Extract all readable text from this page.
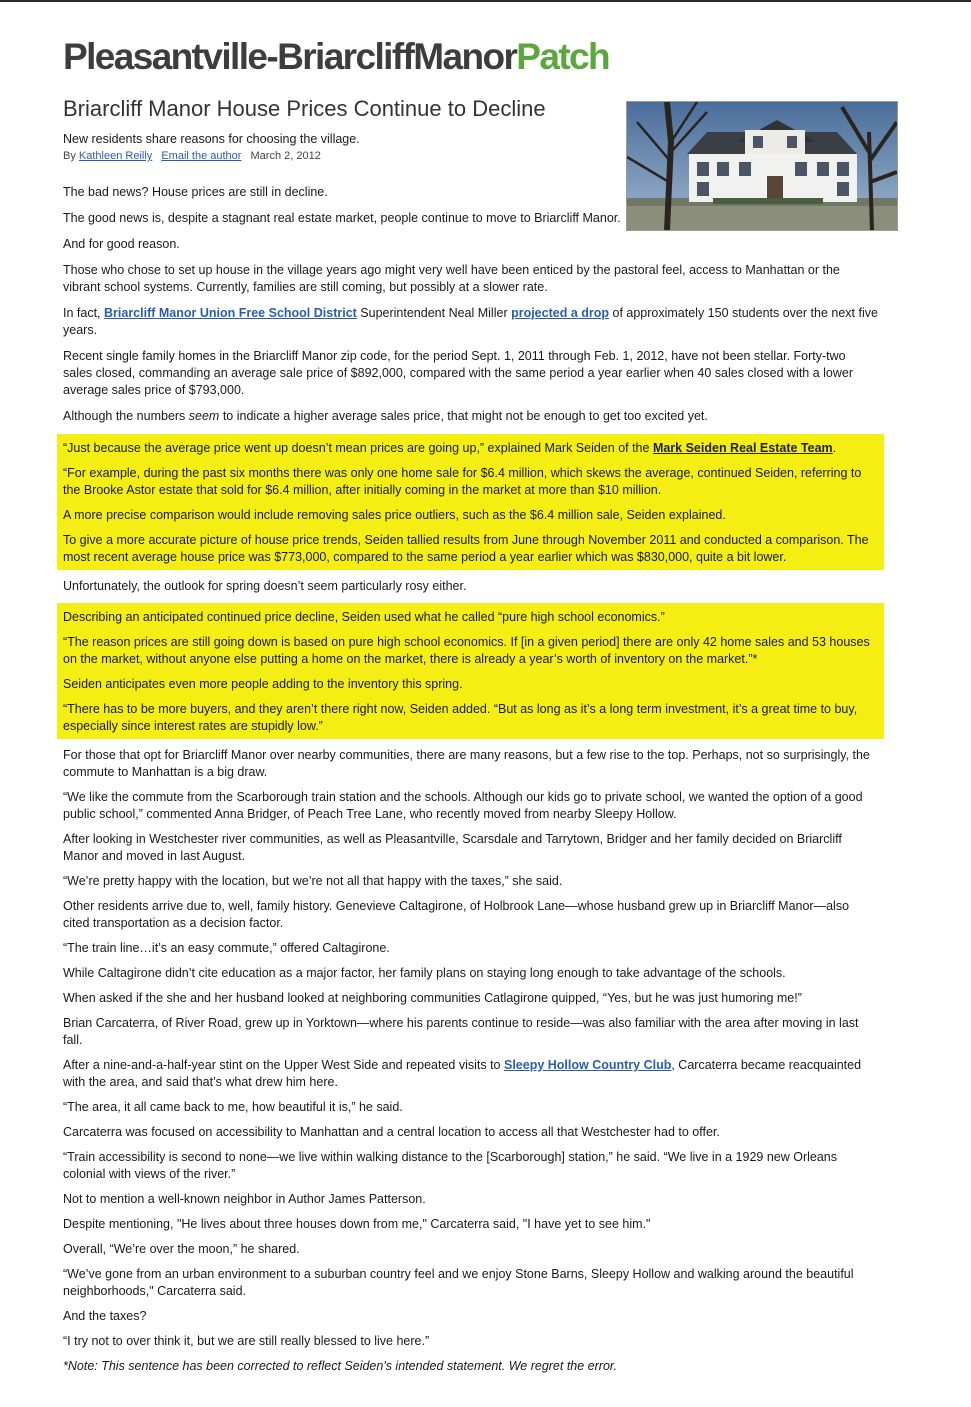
Pleasantville-BriarcliffManorPatch
Briarcliff Manor House Prices Continue to Decline
New residents share reasons for choosing the village.
By Kathleen Reilly Email the author March 2, 2012

The bad news? House prices are still in decline.

The good news is, despite a stagnant real estate market, people continue to move to Briarcliff Manor.

And for good reason.

Those who chose to set up house in the village years ago might very well have been enticed by the pastoral feel, access to Manhattan or the vibrant school systems. Currently, families are still coming, but possibly at a slower rate.

In fact, Briarcliff Manor Union Free School District Superintendent Neal Miller projected a drop of approximately 150 students over the next five years.

Recent single family homes in the Briarcliff Manor zip code, for the period Sept. 1, 2011 through Feb. 1, 2012, have not been stellar. Forty-two sales closed, commanding an average sale price of $892,000, compared with the same period a year earlier when 40 sales closed with a lower average sales price of $793,000.

Although the numbers seem to indicate a higher average sales price, that might not be enough to get too excited yet.

“Just because the average price went up doesn’t mean prices are going up,” explained Mark Seiden of the Mark Seiden Real Estate Team.

“For example, during the past six months there was only one home sale for $6.4 million, which skews the average, continued Seiden, referring to the Brooke Astor estate that sold for $6.4 million, after initially coming in the market at more than $10 million.

A more precise comparison would include removing sales price outliers, such as the $6.4 million sale, Seiden explained.

To give a more accurate picture of house price trends, Seiden tallied results from June through November 2011 and conducted a comparison. The most recent average house price was $773,000, compared to the same period a year earlier which was $830,000, quite a bit lower.

Unfortunately, the outlook for spring doesn’t seem particularly rosy either.

Describing an anticipated continued price decline, Seiden used what he called “pure high school economics.”

“The reason prices are still going down is based on pure high school economics. If [in a given period] there are only 42 home sales and 53 houses on the market, without anyone else putting a home on the market, there is already a year’s worth of inventory on the market.”*

Seiden anticipates even more people adding to the inventory this spring.

“There has to be more buyers, and they aren’t there right now, Seiden added. “But as long as it’s a long term investment, it’s a great time to buy, especially since interest rates are stupidly low.”

For those that opt for Briarcliff Manor over nearby communities, there are many reasons, but a few rise to the top. Perhaps, not so surprisingly, the commute to Manhattan is a big draw.

“We like the commute from the Scarborough train station and the schools. Although our kids go to private school, we wanted the option of a good public school,” commented Anna Bridger, of Peach Tree Lane, who recently moved from nearby Sleepy Hollow.

After looking in Westchester river communities, as well as Pleasantville, Scarsdale and Tarrytown, Bridger and her family decided on Briarcliff Manor and moved in last August.

“We’re pretty happy with the location, but we’re not all that happy with the taxes,” she said.

Other residents arrive due to, well, family history. Genevieve Caltagirone, of Holbrook Lane—whose husband grew up in Briarcliff Manor—also cited transportation as a decision factor.

“The train line…it’s an easy commute,” offered Caltagirone.

While Caltagirone didn’t cite education as a major factor, her family plans on staying long enough to take advantage of the schools.

When asked if the she and her husband looked at neighboring communities Catlagirone quipped, “Yes, but he was just humoring me!”

Brian Carcaterra, of River Road, grew up in Yorktown—where his parents continue to reside—was also familiar with the area after moving in last fall.

After a nine-and-a-half-year stint on the Upper West Side and repeated visits to Sleepy Hollow Country Club, Carcaterra became reacquainted with the area, and said that’s what drew him here.

“The area, it all came back to me, how beautiful it is,” he said.

Carcaterra was focused on accessibility to Manhattan and a central location to access all that Westchester had to offer.

“Train accessibility is second to none—we live within walking distance to the [Scarborough] station,” he said. “We live in a 1929 new Orleans colonial with views of the river.”

Not to mention a well-known neighbor in Author James Patterson.

Despite mentioning, "He lives about three houses down from me," Carcaterra said, "I have yet to see him."

Overall, “We’re over the moon,” he shared.

“We’ve gone from an urban environment to a suburban country feel and we enjoy Stone Barns, Sleepy Hollow and walking around the beautiful neighborhoods," Carcaterra said.

And the taxes?

“I try not to over think it, but we are still really blessed to live here.”

*Note: This sentence has been corrected to reflect Seiden's intended statement. We regret the error.
